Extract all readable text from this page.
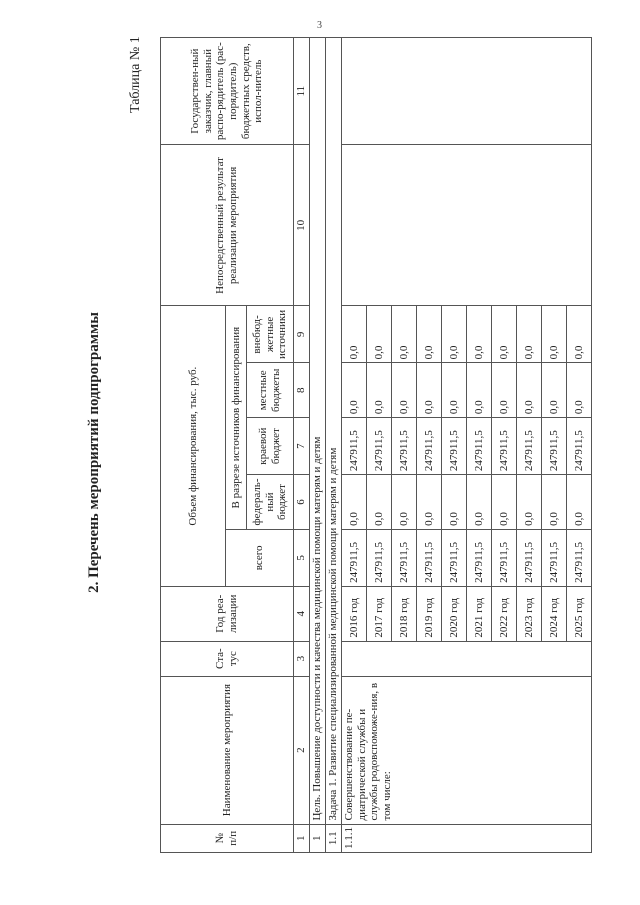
3
2. Перечень мероприятий подпрограммы
Таблица № 1
№ п/п	Наименование мероприятия	Ста-тус	Год реа-лизации	Объем финансирования, тыс. руб.					Непосредственный результат реализации мероприятия	Государствен-ный заказчик, главный распо-рядитель (рас-порядитель) бюджетных средств, испол-нитель
				всего	В разрезе источников финансирования					
					федераль-ный бюджет	краевой бюджет	местные бюджеты	внебюд-жетные источники		
1	2	3	4	5	6	7	8	9	10	11
1	Цель. Повышение доступности и качества медицинской помощи матерям и детям									
1.1	Задача 1. Развитие специализированной медицинской помощи матерям и детям									
1.1.1	Совершенствование пе-диатрической службы и службы родовспоможе-ния, в том числе:		2016 год	247911,5	0,0	247911,5	0,0	0,0		
			2017 год	247911,5	0,0	247911,5	0,0	0,0		
			2018 год	247911,5	0,0	247911,5	0,0	0,0		
			2019 год	247911,5	0,0	247911,5	0,0	0,0		
			2020 год	247911,5	0,0	247911,5	0,0	0,0		
			2021 год	247911,5	0,0	247911,5	0,0	0,0		
			2022 год	247911,5	0,0	247911,5	0,0	0,0		
			2023 год	247911,5	0,0	247911,5	0,0	0,0		
			2024 год	247911,5	0,0	247911,5	0,0	0,0		
			2025 год	247911,5	0,0	247911,5	0,0	0,0		
